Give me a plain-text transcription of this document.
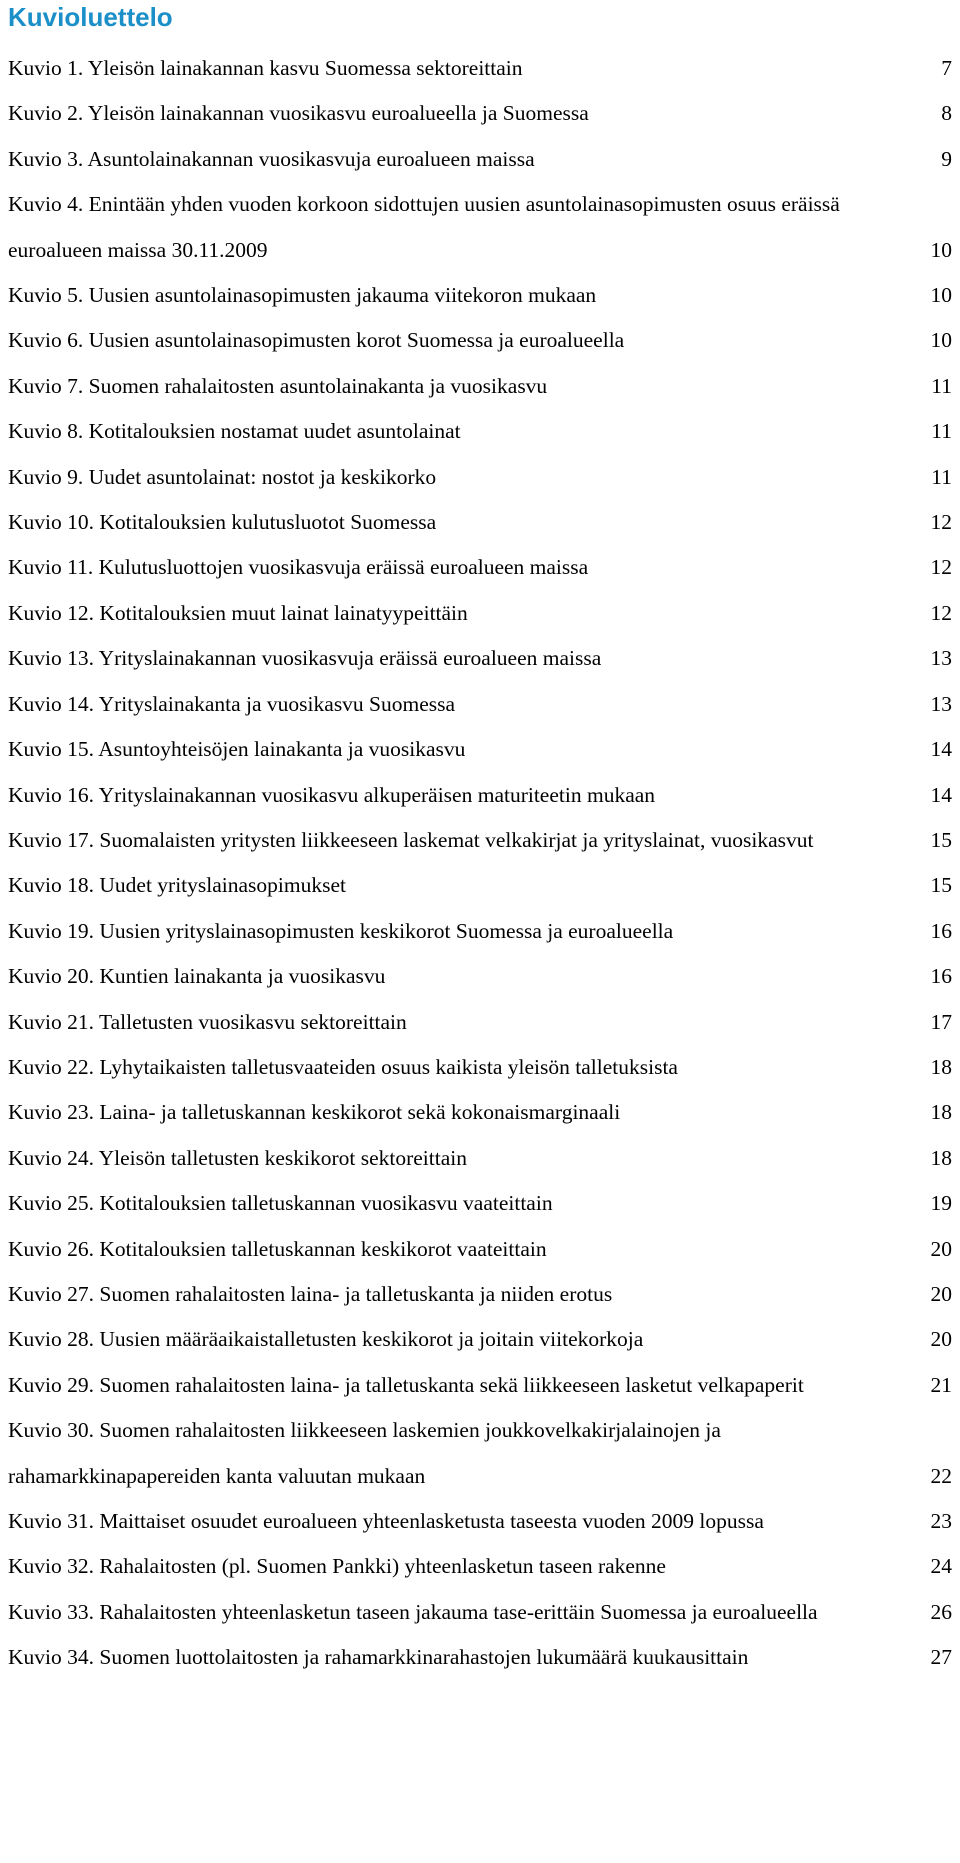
Kuvioluettelo
Kuvio 1. Yleisön lainakannan kasvu Suomessa sektoreittain	7
Kuvio 2. Yleisön lainakannan vuosikasvu euroalueella ja Suomessa	8
Kuvio 3. Asuntolainakannan vuosikasvuja euroalueen maissa	9
Kuvio 4. Enintään yhden vuoden korkoon sidottujen uusien asuntolainasopimusten osuus eräissä euroalueen maissa 30.11.2009	10
Kuvio 5. Uusien asuntolainasopimusten jakauma viitekoron mukaan	10
Kuvio 6. Uusien asuntolainasopimusten korot Suomessa ja euroalueella	10
Kuvio 7. Suomen rahalaitosten asuntolainakanta ja vuosikasvu	11
Kuvio 8. Kotitalouksien nostamat uudet asuntolainat	11
Kuvio 9. Uudet asuntolainat: nostot ja keskikorko	11
Kuvio 10. Kotitalouksien kulutusluotot Suomessa	12
Kuvio 11. Kulutusluottojen vuosikasvuja eräissä euroalueen maissa	12
Kuvio 12. Kotitalouksien muut lainat lainatyypeittäin	12
Kuvio 13. Yrityslainakannan vuosikasvuja eräissä euroalueen maissa	13
Kuvio 14. Yrityslainakanta ja vuosikasvu Suomessa	13
Kuvio 15. Asuntoyhteisöjen lainakanta ja vuosikasvu	14
Kuvio 16. Yrityslainakannan vuosikasvu alkuperäisen maturiteetin mukaan	14
Kuvio 17. Suomalaisten yritysten liikkeeseen laskemat velkakirjat ja yrityslainat, vuosikasvut	15
Kuvio 18. Uudet yrityslainasopimukset	15
Kuvio 19. Uusien yrityslainasopimusten keskikorot Suomessa ja euroalueella	16
Kuvio 20. Kuntien lainakanta ja vuosikasvu	16
Kuvio 21. Talletusten vuosikasvu sektoreittain	17
Kuvio 22. Lyhytaikaisten talletusvaateiden osuus kaikista yleisön talletuksista	18
Kuvio 23. Laina- ja talletuskannan keskikorot sekä kokonaismarginaali	18
Kuvio 24. Yleisön talletusten keskikorot sektoreittain	18
Kuvio 25. Kotitalouksien talletuskannan vuosikasvu vaateittain	19
Kuvio 26. Kotitalouksien talletuskannan keskikorot vaateittain	20
Kuvio 27. Suomen rahalaitosten laina- ja talletuskanta ja niiden erotus	20
Kuvio 28. Uusien määräaikaistalletusten keskikorot ja joitain viitekorkoja	20
Kuvio 29. Suomen rahalaitosten laina- ja talletuskanta sekä liikkeeseen lasketut velkapaperit	21
Kuvio 30. Suomen rahalaitosten liikkeeseen laskemien joukkovelkakirjalainojen ja rahamarkkinapapereiden kanta valuutan mukaan	22
Kuvio 31. Maittaiset osuudet euroalueen yhteenlasketusta taseesta vuoden 2009 lopussa	23
Kuvio 32. Rahalaitosten (pl. Suomen Pankki) yhteenlasketun taseen rakenne	24
Kuvio 33. Rahalaitosten yhteenlasketun taseen jakauma tase-erittäin Suomessa ja euroalueella	26
Kuvio 34. Suomen luottolaitosten ja rahamarkkinarahastojen lukumäärä kuukausittain	27
